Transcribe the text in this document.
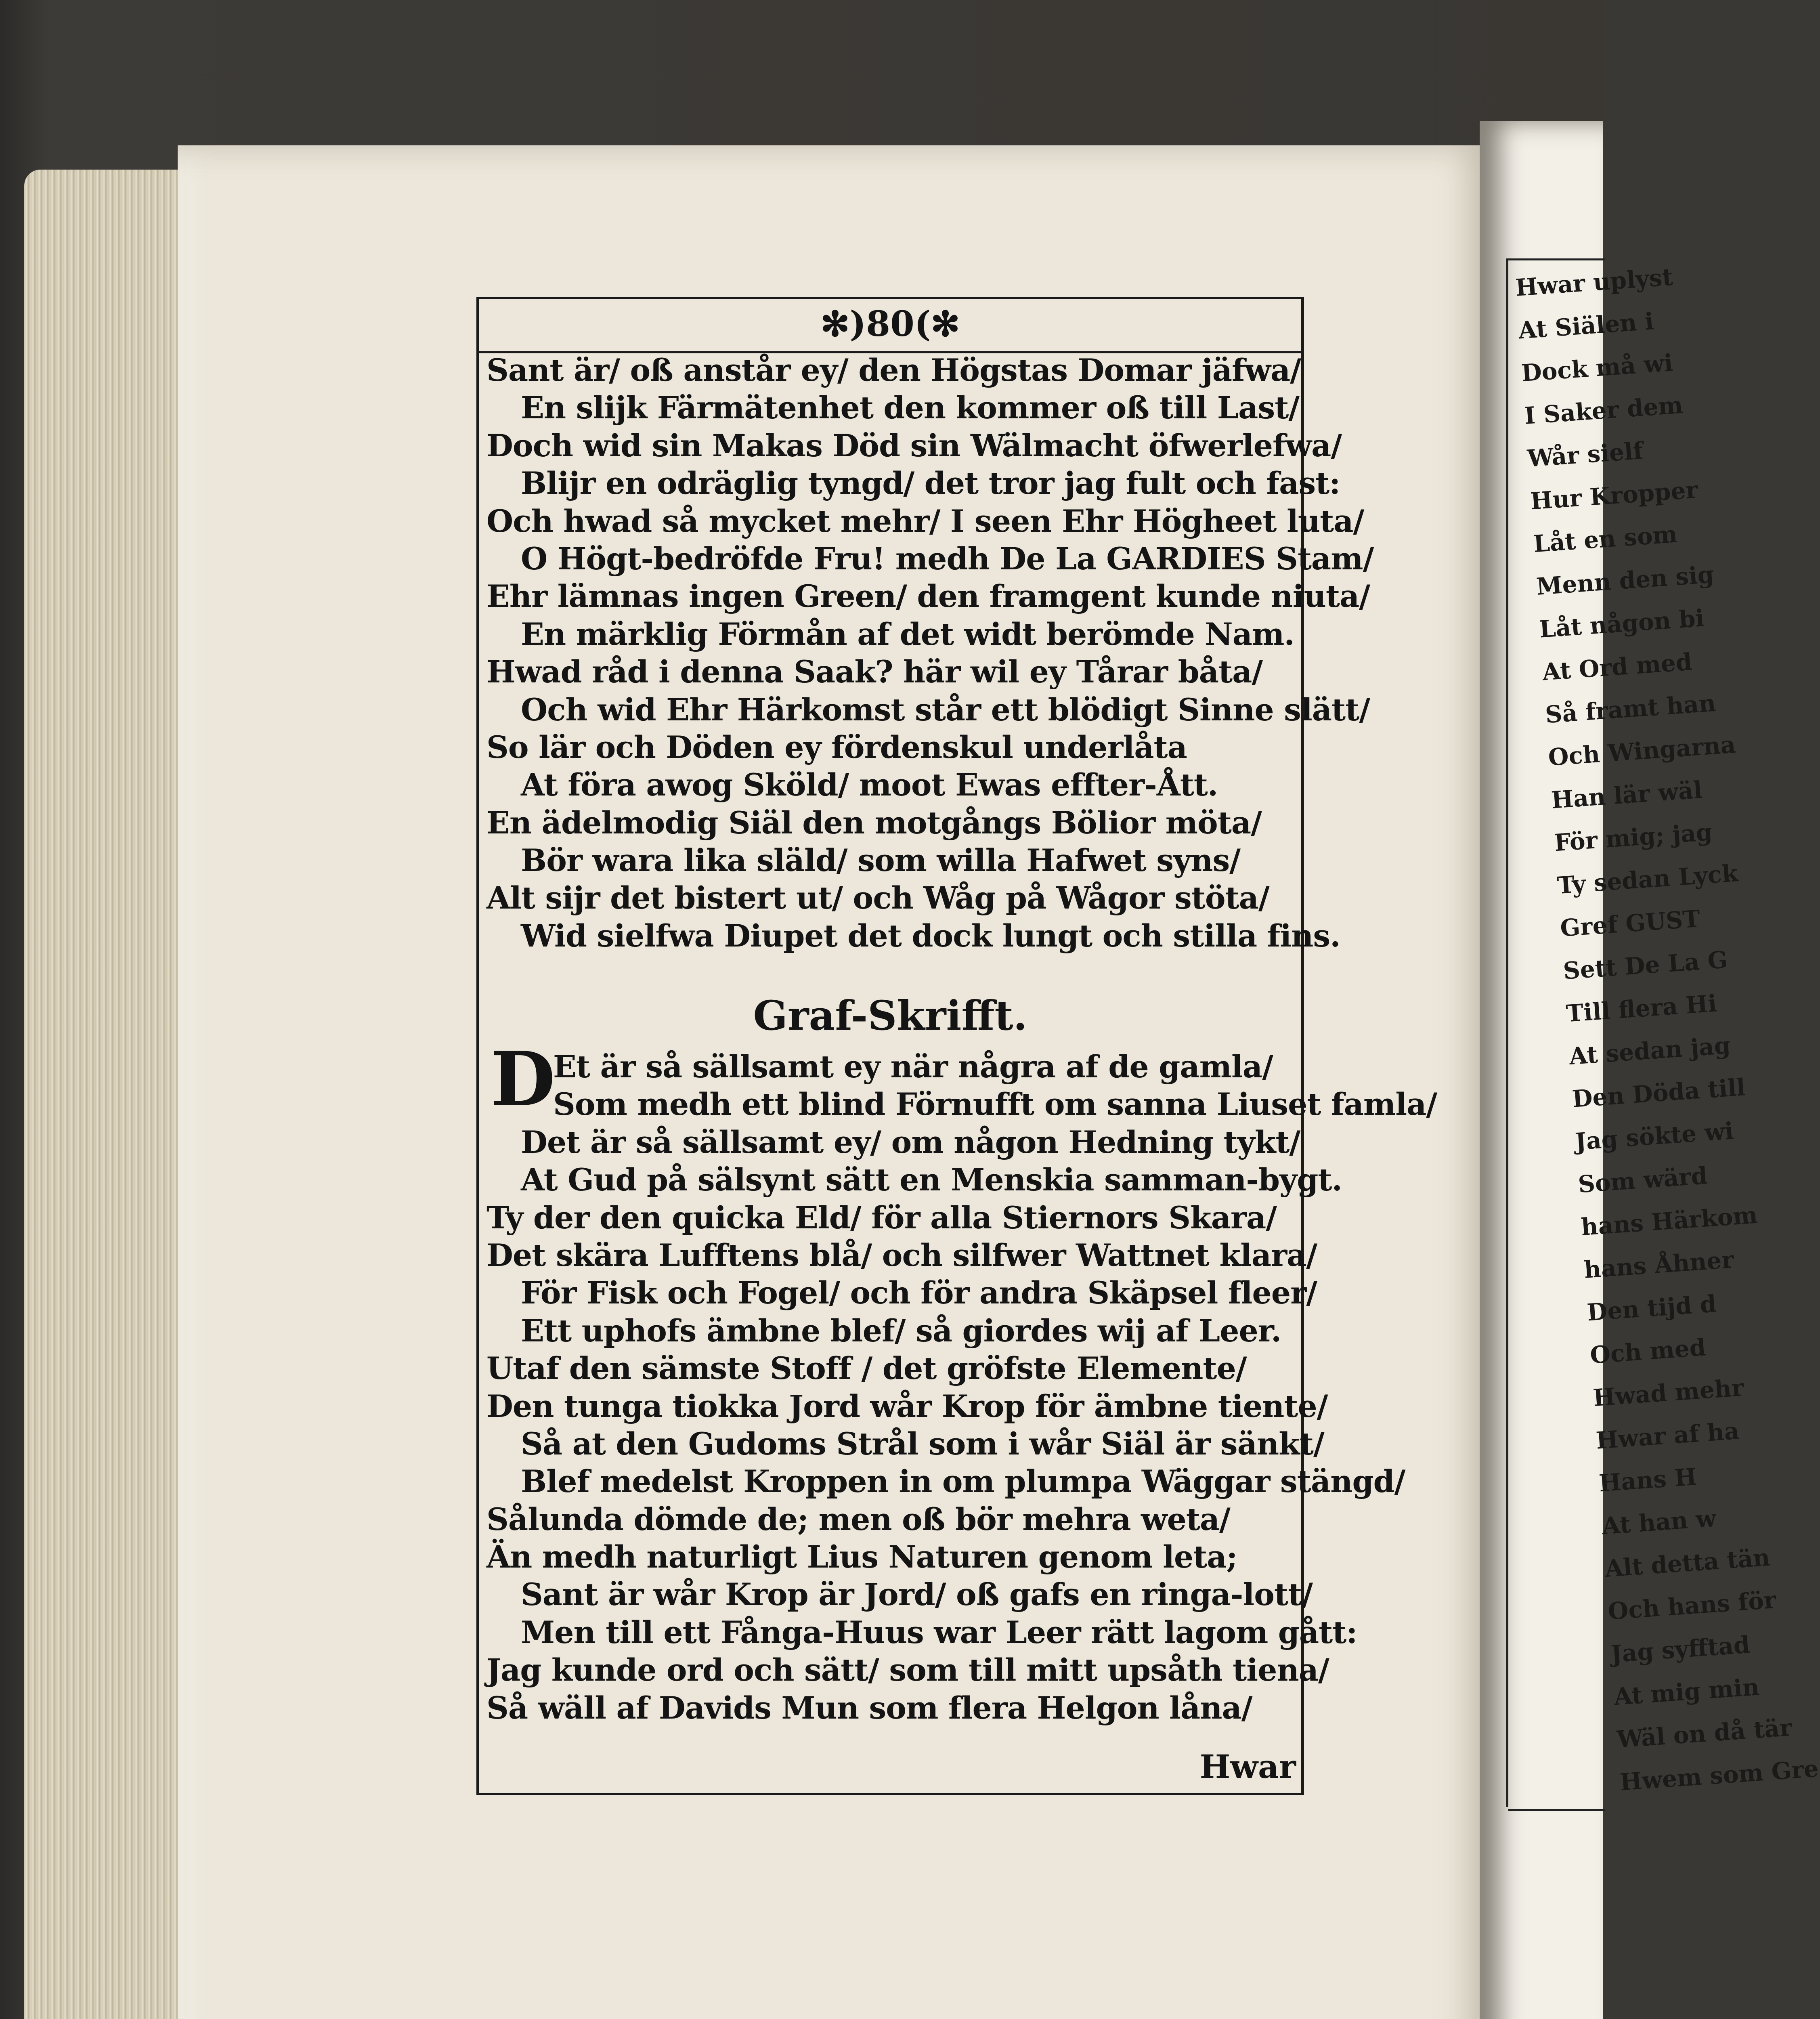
Hwar uplyst
At Siälen i
Dock må wi
I Saker dem
Wår sielf
Hur Kropper
Låt en som
Menn den sig
Låt någon bi
At Ord med
Så framt han
Och Wingarna
Han lär wäl
För mig; jag
Ty sedan Lyck
Gref GUST
Sett De La G
Till flera Hi
At sedan jag
Den Döda till
Jag sökte wi
Som wärd
hans Härkom
hans Åhner
Den tijd d
Och med
Hwad mehr
Hwar af ha
Hans H
At han w
Alt detta tän
Och hans för
Jag syfftad
At mig min
Wäl on då tär
Hwem som Gre
✻)80(✻
Sant är/ oß anstår ey/ den Högstas Domar jäfwa/
En slijk Färmätenhet den kommer oß till Last/
Doch wid sin Makas Död sin Wälmacht öfwerlefwa/
Blijr en odräglig tyngd/ det tror jag fult och fast:
Och hwad så mycket mehr/ I seen Ehr Högheet luta/
O Högt-bedröfde Fru! medh De La GARDIES Stam/
Ehr lämnas ingen Green/ den framgent kunde niuta/
En märklig Förmån af det widt berömde Nam.
Hwad råd i denna Saak? här wil ey Tårar båta/
Och wid Ehr Härkomst står ett blödigt Sinne slätt/
So lär och Döden ey fördenskul underlåta
At föra awog Sköld/ moot Ewas effter-Ått.
En ädelmodig Siäl den motgångs Bölior möta/
Bör wara lika släld/ som willa Hafwet syns/
Alt sijr det bistert ut/ och Wåg på Wågor stöta/
Wid sielfwa Diupet det dock lungt och stilla fins.
Graf-Skrifft.
D
Et är så sällsamt ey när några af de gamla/
Som medh ett blind Förnufft om sanna Liuset famla/
Det är så sällsamt ey/ om någon Hedning tykt/
At Gud på sälsynt sätt en Menskia samman-bygt.
Ty der den quicka Eld/ för alla Stiernors Skara/
Det skära Lufftens blå/ och silfwer Wattnet klara/
För Fisk och Fogel/ och för andra Skäpsel fleer/
Ett uphofs ämbne blef/ så giordes wij af Leer.
Utaf den sämste Stoff / det gröfste Elemente/
Den tunga tiokka Jord wår Krop för ämbne tiente/
Så at den Gudoms Strål som i wår Siäl är sänkt/
Blef medelst Kroppen in om plumpa Wäggar stängd/
Sålunda dömde de; men oß bör mehra weta/
Än medh naturligt Lius Naturen genom leta;
Sant är wår Krop är Jord/ oß gafs en ringa-lott/
Men till ett Fånga-Huus war Leer rätt lagom gått:
Jag kunde ord och sätt/ som till mitt upsåth tiena/
Så wäll af Davids Mun som flera Helgon låna/
Hwar
